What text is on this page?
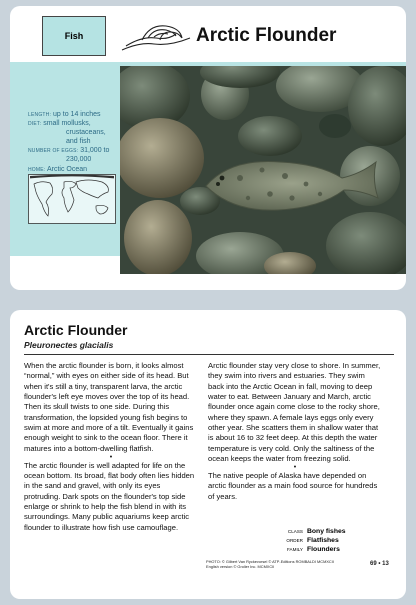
Fish	Arctic Flounder
LENGTH: up to 14 inches
DIET: small mollusks,
crustaceans, and fish
NUMBER OF EGGS: 31,000 to
230,000
HOME: Arctic Ocean
Arctic Flounder
Pleuronectes glacialis

When the arctic flounder is born, it looks almost “normal,” with eyes on either side of its head. But when it's still a tiny, transparent larva, the arctic flounder's left eye moves over the top of its head. Then its skull twists to one side. During this transformation, the lopsided young fish begins to swim at more and more of a tilt. Eventually it gains enough weight to sink to the ocean floor. There it matures into a bottom-dwelling flatfish.

•

The arctic flounder is well adapted for life on the ocean bottom. Its broad, flat body often lies hidden in the sand and gravel, with only its eyes protruding. Dark spots on the flounder's top side enlarge or shrink to help the fish blend in with its surroundings. Many public aquariums keep arctic flounder to illustrate how fish use camouflage.

Arctic flounder stay very close to shore. In summer, they swim into rivers and estuaries. They swim back into the Arctic Ocean in fall, moving to deep water to eat. Between January and March, arctic flounder once again come close to the rocky shore, where they spawn. A female lays eggs only every other year. She scatters them in shallow water that is about 16 to 32 feet deep. At this depth the water temperature is very cold. Only the saltiness of the ocean keeps the water from freezing solid.

•

The native people of Alaska have depended on arctic flounder as a main food source for hundreds of years.

CLASS Bony fishes
ORDER Flatfishes
FAMILY Flounders
PHOTO: © Gilbert Van Ryckevorsel © ATP-Editions ROMBALDI MCMXCII
English version © Grolier Inc. MCMXCII	69 • 13
